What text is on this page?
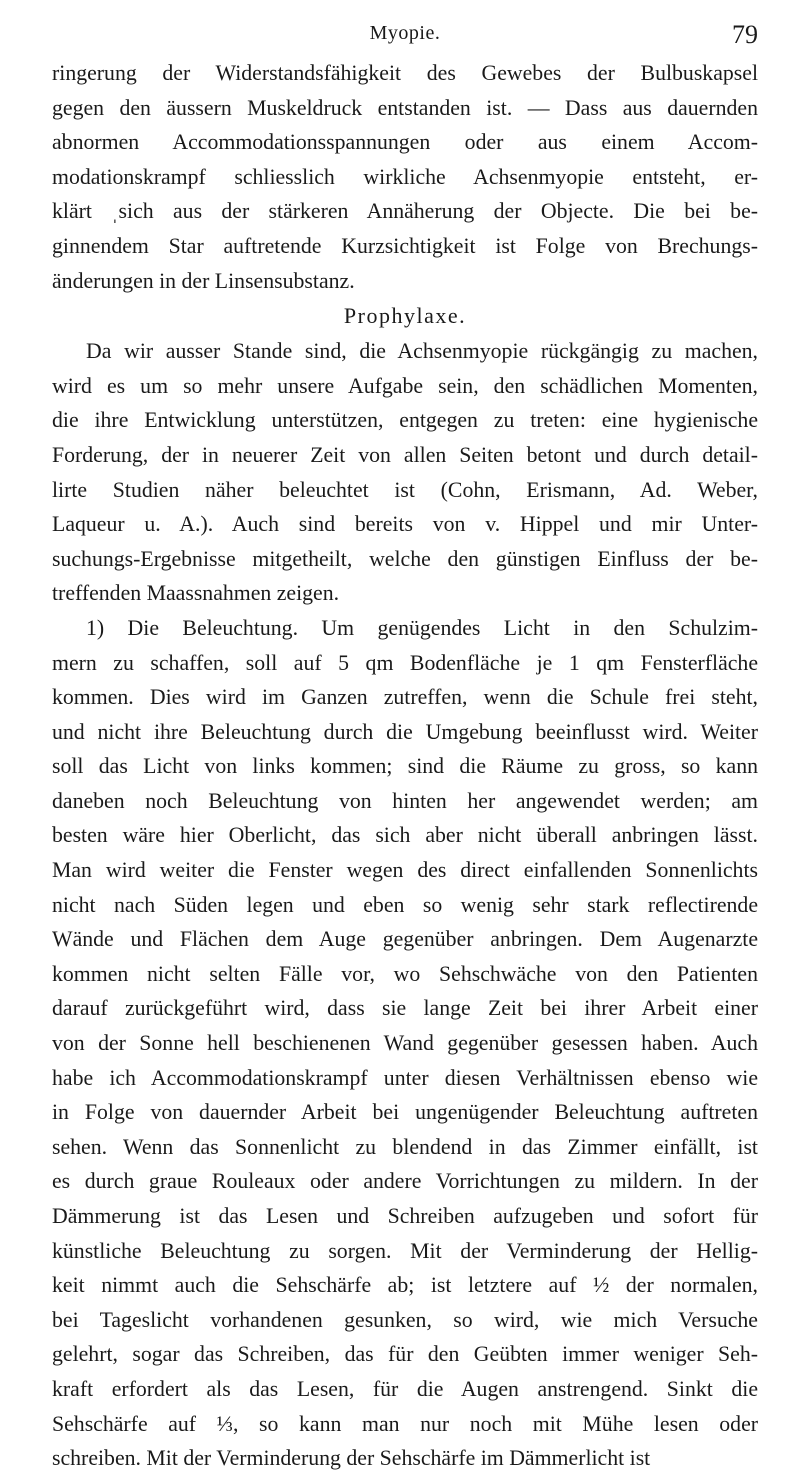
Myopie.	79
ringerung der Widerstandsfähigkeit des Gewebes der Bulbuskapsel
gegen den äussern Muskeldruck entstanden ist. — Dass aus dauernden
abnormen Accommodationsspannungen oder aus einem Accom-
modationskrampf schliesslich wirkliche Achsenmyopie entsteht, er-
klärt ˌsich aus der stärkeren Annäherung der Objecte. Die bei be-
ginnendem Star auftretende Kurzsichtigkeit ist Folge von Brechungs-
änderungen in der Linsensubstanz.
Prophylaxe.
Da wir ausser Stande sind, die Achsenmyopie rückgängig zu machen,
wird es um so mehr unsere Aufgabe sein, den schädlichen Momenten,
die ihre Entwicklung unterstützen, entgegen zu treten: eine hygienische
Forderung, der in neuerer Zeit von allen Seiten betont und durch detail-
lirte Studien näher beleuchtet ist (Cohn, Erismann, Ad. Weber,
Laqueur u. A.). Auch sind bereits von v. Hippel und mir Unter-
suchungs-Ergebnisse mitgetheilt, welche den günstigen Einfluss der be-
treffenden Maassnahmen zeigen.
1) Die Beleuchtung. Um genügendes Licht in den Schulzim-
mern zu schaffen, soll auf 5 qm Bodenfläche je 1 qm Fensterfläche
kommen. Dies wird im Ganzen zutreffen, wenn die Schule frei steht,
und nicht ihre Beleuchtung durch die Umgebung beeinflusst wird. Weiter
soll das Licht von links kommen; sind die Räume zu gross, so kann
daneben noch Beleuchtung von hinten her angewendet werden; am
besten wäre hier Oberlicht, das sich aber nicht überall anbringen lässt.
Man wird weiter die Fenster wegen des direct einfallenden Sonnenlichts
nicht nach Süden legen und eben so wenig sehr stark reflectirende
Wände und Flächen dem Auge gegenüber anbringen. Dem Augenarzte
kommen nicht selten Fälle vor, wo Sehschwäche von den Patienten
darauf zurückgeführt wird, dass sie lange Zeit bei ihrer Arbeit einer
von der Sonne hell beschienenen Wand gegenüber gesessen haben. Auch
habe ich Accommodationskrampf unter diesen Verhältnissen ebenso wie
in Folge von dauernder Arbeit bei ungenügender Beleuchtung auftreten
sehen. Wenn das Sonnenlicht zu blendend in das Zimmer einfällt, ist
es durch graue Rouleaux oder andere Vorrichtungen zu mildern. In der
Dämmerung ist das Lesen und Schreiben aufzugeben und sofort für
künstliche Beleuchtung zu sorgen. Mit der Verminderung der Hellig-
keit nimmt auch die Sehschärfe ab; ist letztere auf ½ der normalen,
bei Tageslicht vorhandenen gesunken, so wird, wie mich Versuche
gelehrt, sogar das Schreiben, das für den Geübten immer weniger Seh-
kraft erfordert als das Lesen, für die Augen anstrengend. Sinkt die
Sehschärfe auf ⅓, so kann man nur noch mit Mühe lesen oder
schreiben. Mit der Verminderung der Sehschärfe im Dämmerlicht ist
